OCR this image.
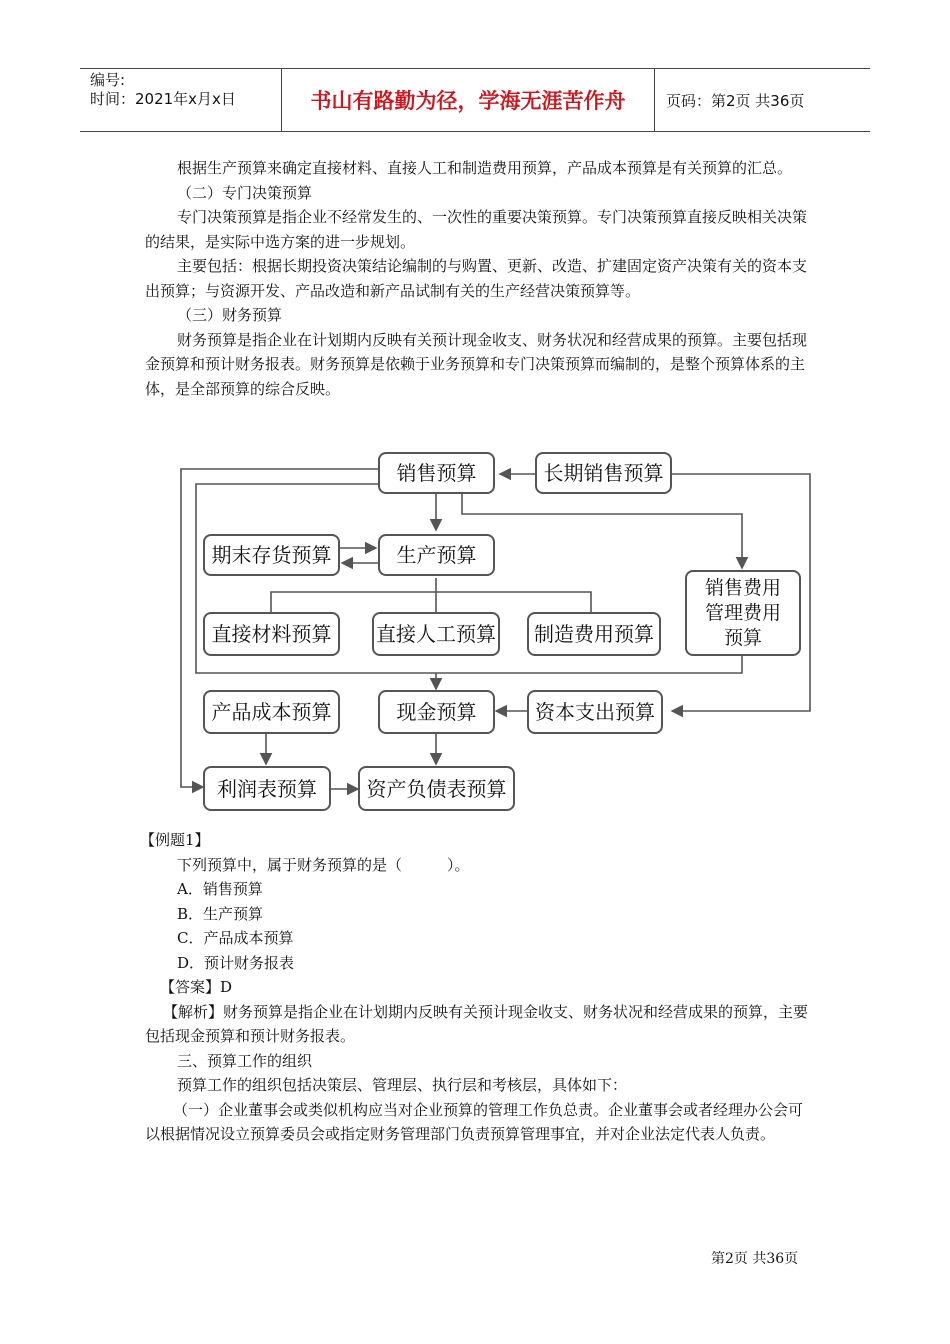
编号:
时间：2021年x月x日	书山有路勤为径，学海无涯苦作舟	页码：第2页 共36页

根据生产预算来确定直接材料、直接人工和制造费用预算，产品成本预算是有关预算的汇总。

（二）专门决策预算

专门决策预算是指企业不经常发生的、一次性的重要决策预算。专门决策预算直接反映相关决策的结果，是实际中选方案的进一步规划。

主要包括：根据长期投资决策结论编制的与购置、更新、改造、扩建固定资产决策有关的资本支出预算；与资源开发、产品改造和新产品试制有关的生产经营决策预算等。

（三）财务预算

财务预算是指企业在计划期内反映有关预计现金收支、财务状况和经营成果的预算。主要包括现金预算和预计财务报表。财务预算是依赖于业务预算和专门决策预算而编制的，是整个预算体系的主体，是全部预算的综合反映。

销售预算	长期销售预算
期末存货预算	生产预算
销售费用
管理费用
预算
直接材料预算	直接人工预算	制造费用预算
产品成本预算	现金预算	资本支出预算
利润表预算	资产负债表预算

【例题1】

下列预算中，属于财务预算的是（　　　）。

A．销售预算

B．生产预算

C．产品成本预算

D．预计财务报表

【答案】D

【解析】财务预算是指企业在计划期内反映有关预计现金收支、财务状况和经营成果的预算，主要包括现金预算和预计财务报表。

三、预算工作的组织

预算工作的组织包括决策层、管理层、执行层和考核层，具体如下：

（一）企业董事会或类似机构应当对企业预算的管理工作负总责。企业董事会或者经理办公会可以根据情况设立预算委员会或指定财务管理部门负责预算管理事宜，并对企业法定代表人负责。

第2页 共36页
